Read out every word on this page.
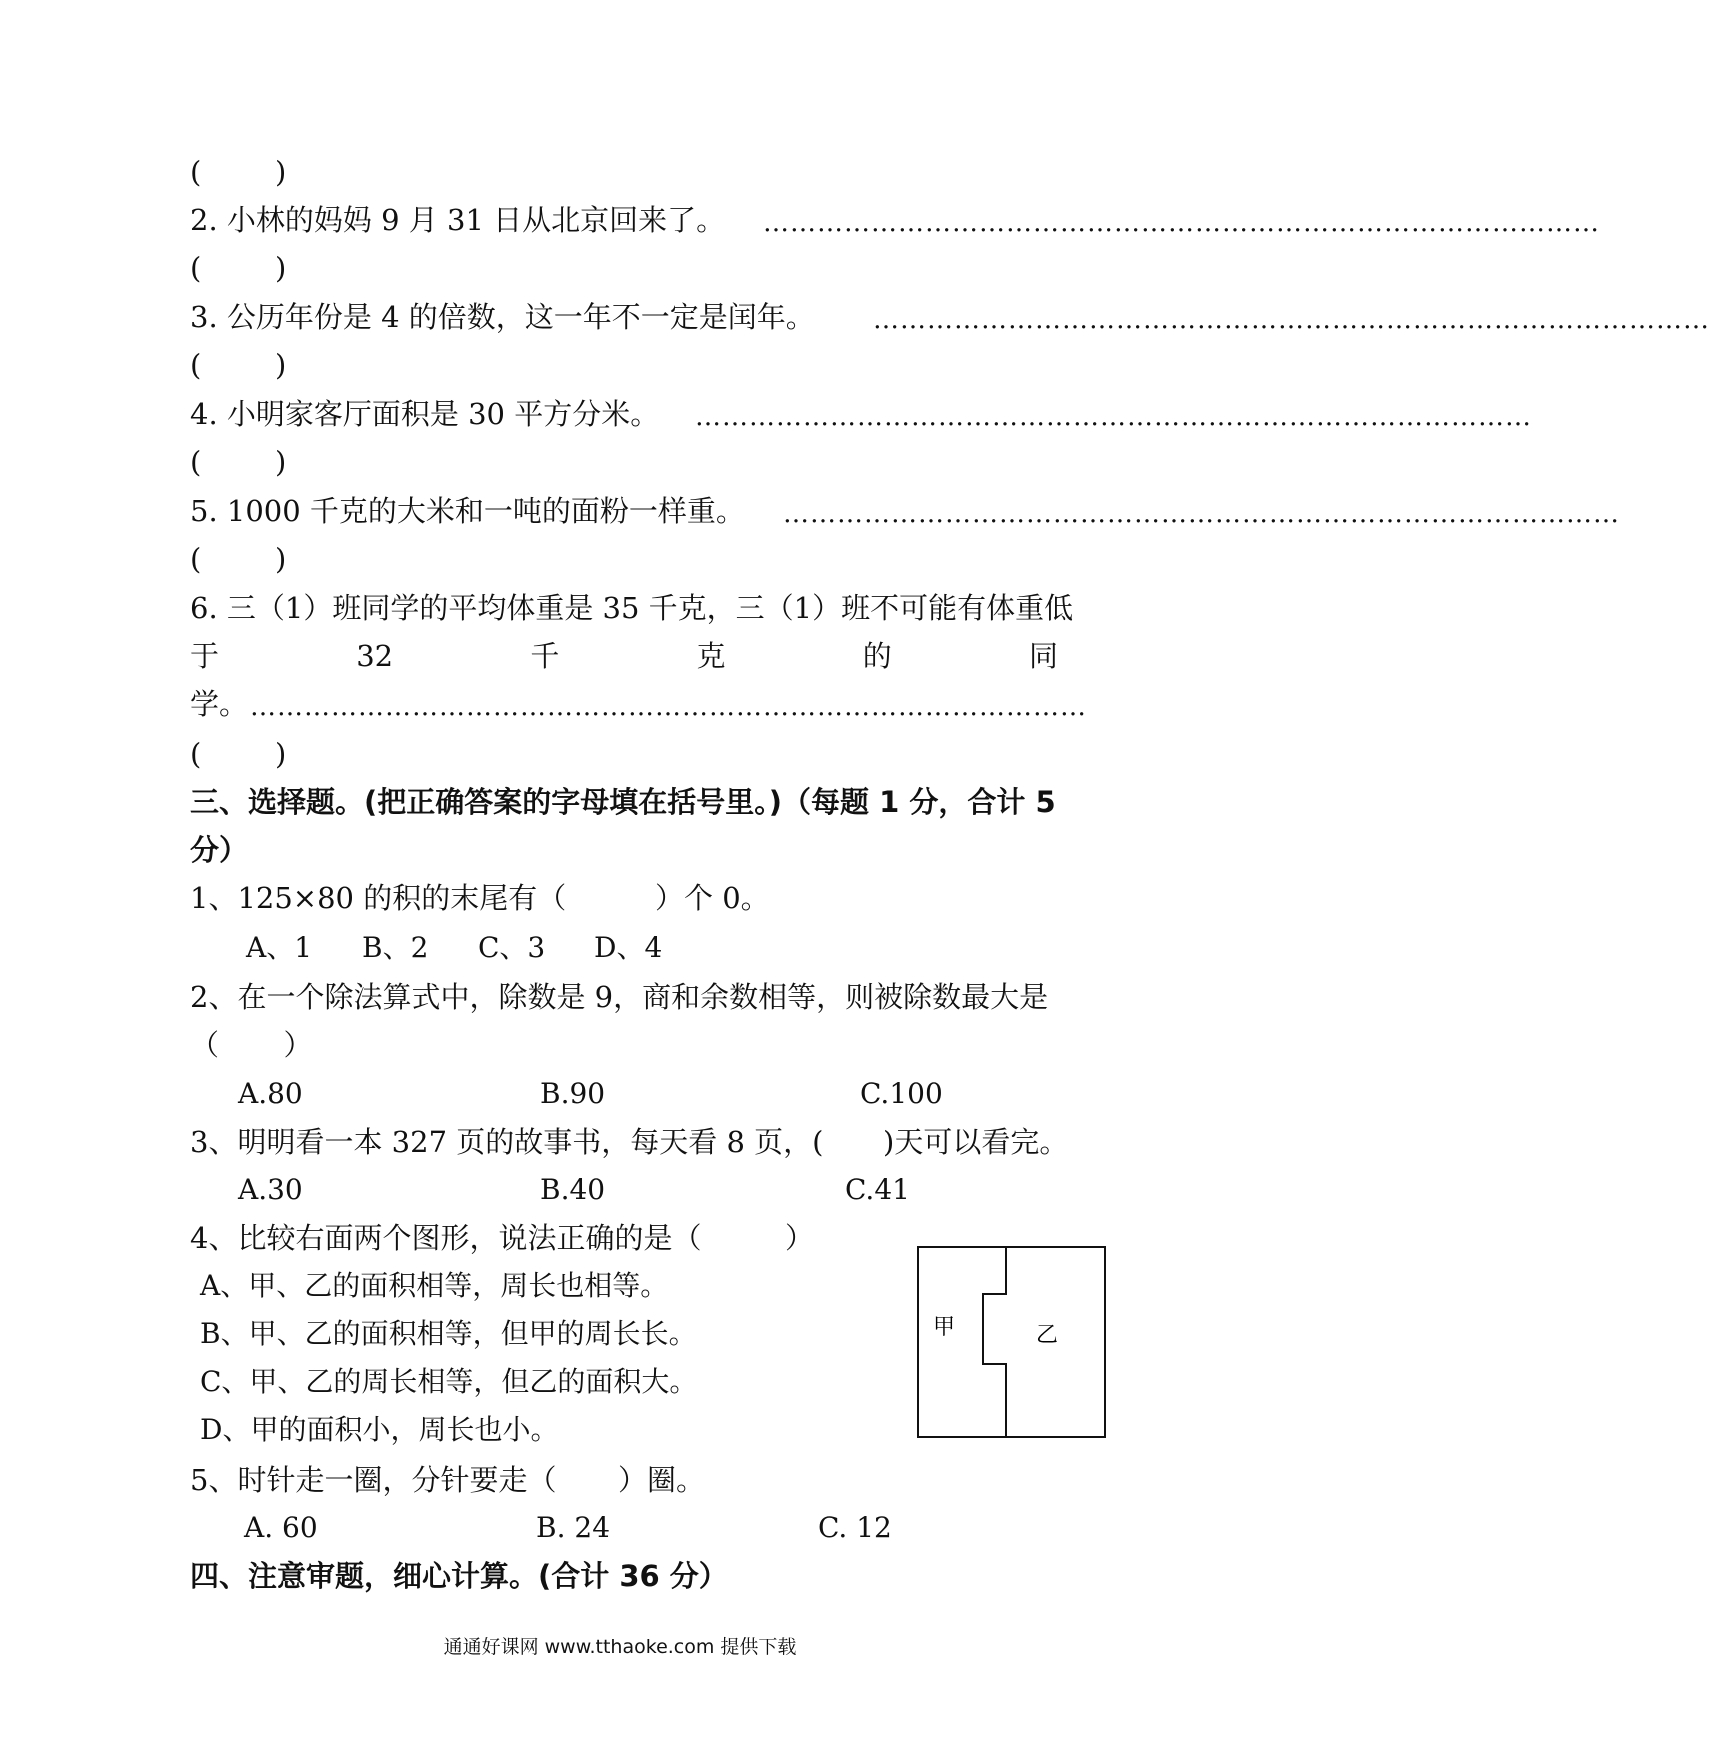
(        )
2. 小林的妈妈 9 月 31 日从北京回来了。 …………………………………………………………………………………
(        )
3. 公历年份是 4 的倍数，这一年不一定是闰年。 …………………………………………………………………………………
(        )
4. 小明家客厅面积是 30 平方分米。 …………………………………………………………………………………
(        )
5. 1000 千克的大米和一吨的面粉一样重。 …………………………………………………………………………………
(        )
6. 三（1）班同学的平均体重是 35 千克，三（1）班不可能有体重低
于	32	千	克	的	同
学。 …………………………………………………………………………………
(        )
三、选择题。(把正确答案的字母填在括号里。)（每题 1 分，合计 5
分）
1、125×80 的积的末尾有（	）个 0。
A、1 B、2 C、3 D、4
2、在一个除法算式中，除数是 9，商和余数相等，则被除数最大是
（       ）
A.80	B.90	C.100
3、明明看一本 327 页的故事书，每天看 8 页，( )天可以看完。
A.30	B.40	C.41
4、比较右面两个图形，说法正确的是（	）
A、甲、乙的面积相等，周长也相等。
B、甲、乙的面积相等，但甲的周长长。
C、甲、乙的周长相等，但乙的面积大。
D、甲的面积小，周长也小。
甲	乙
5、时针走一圈，分针要走（ ）圈。
A. 60	B. 24	C. 12
四、注意审题，细心计算。(合计 36 分）
通通好课网 www.tthaoke.com 提供下载
